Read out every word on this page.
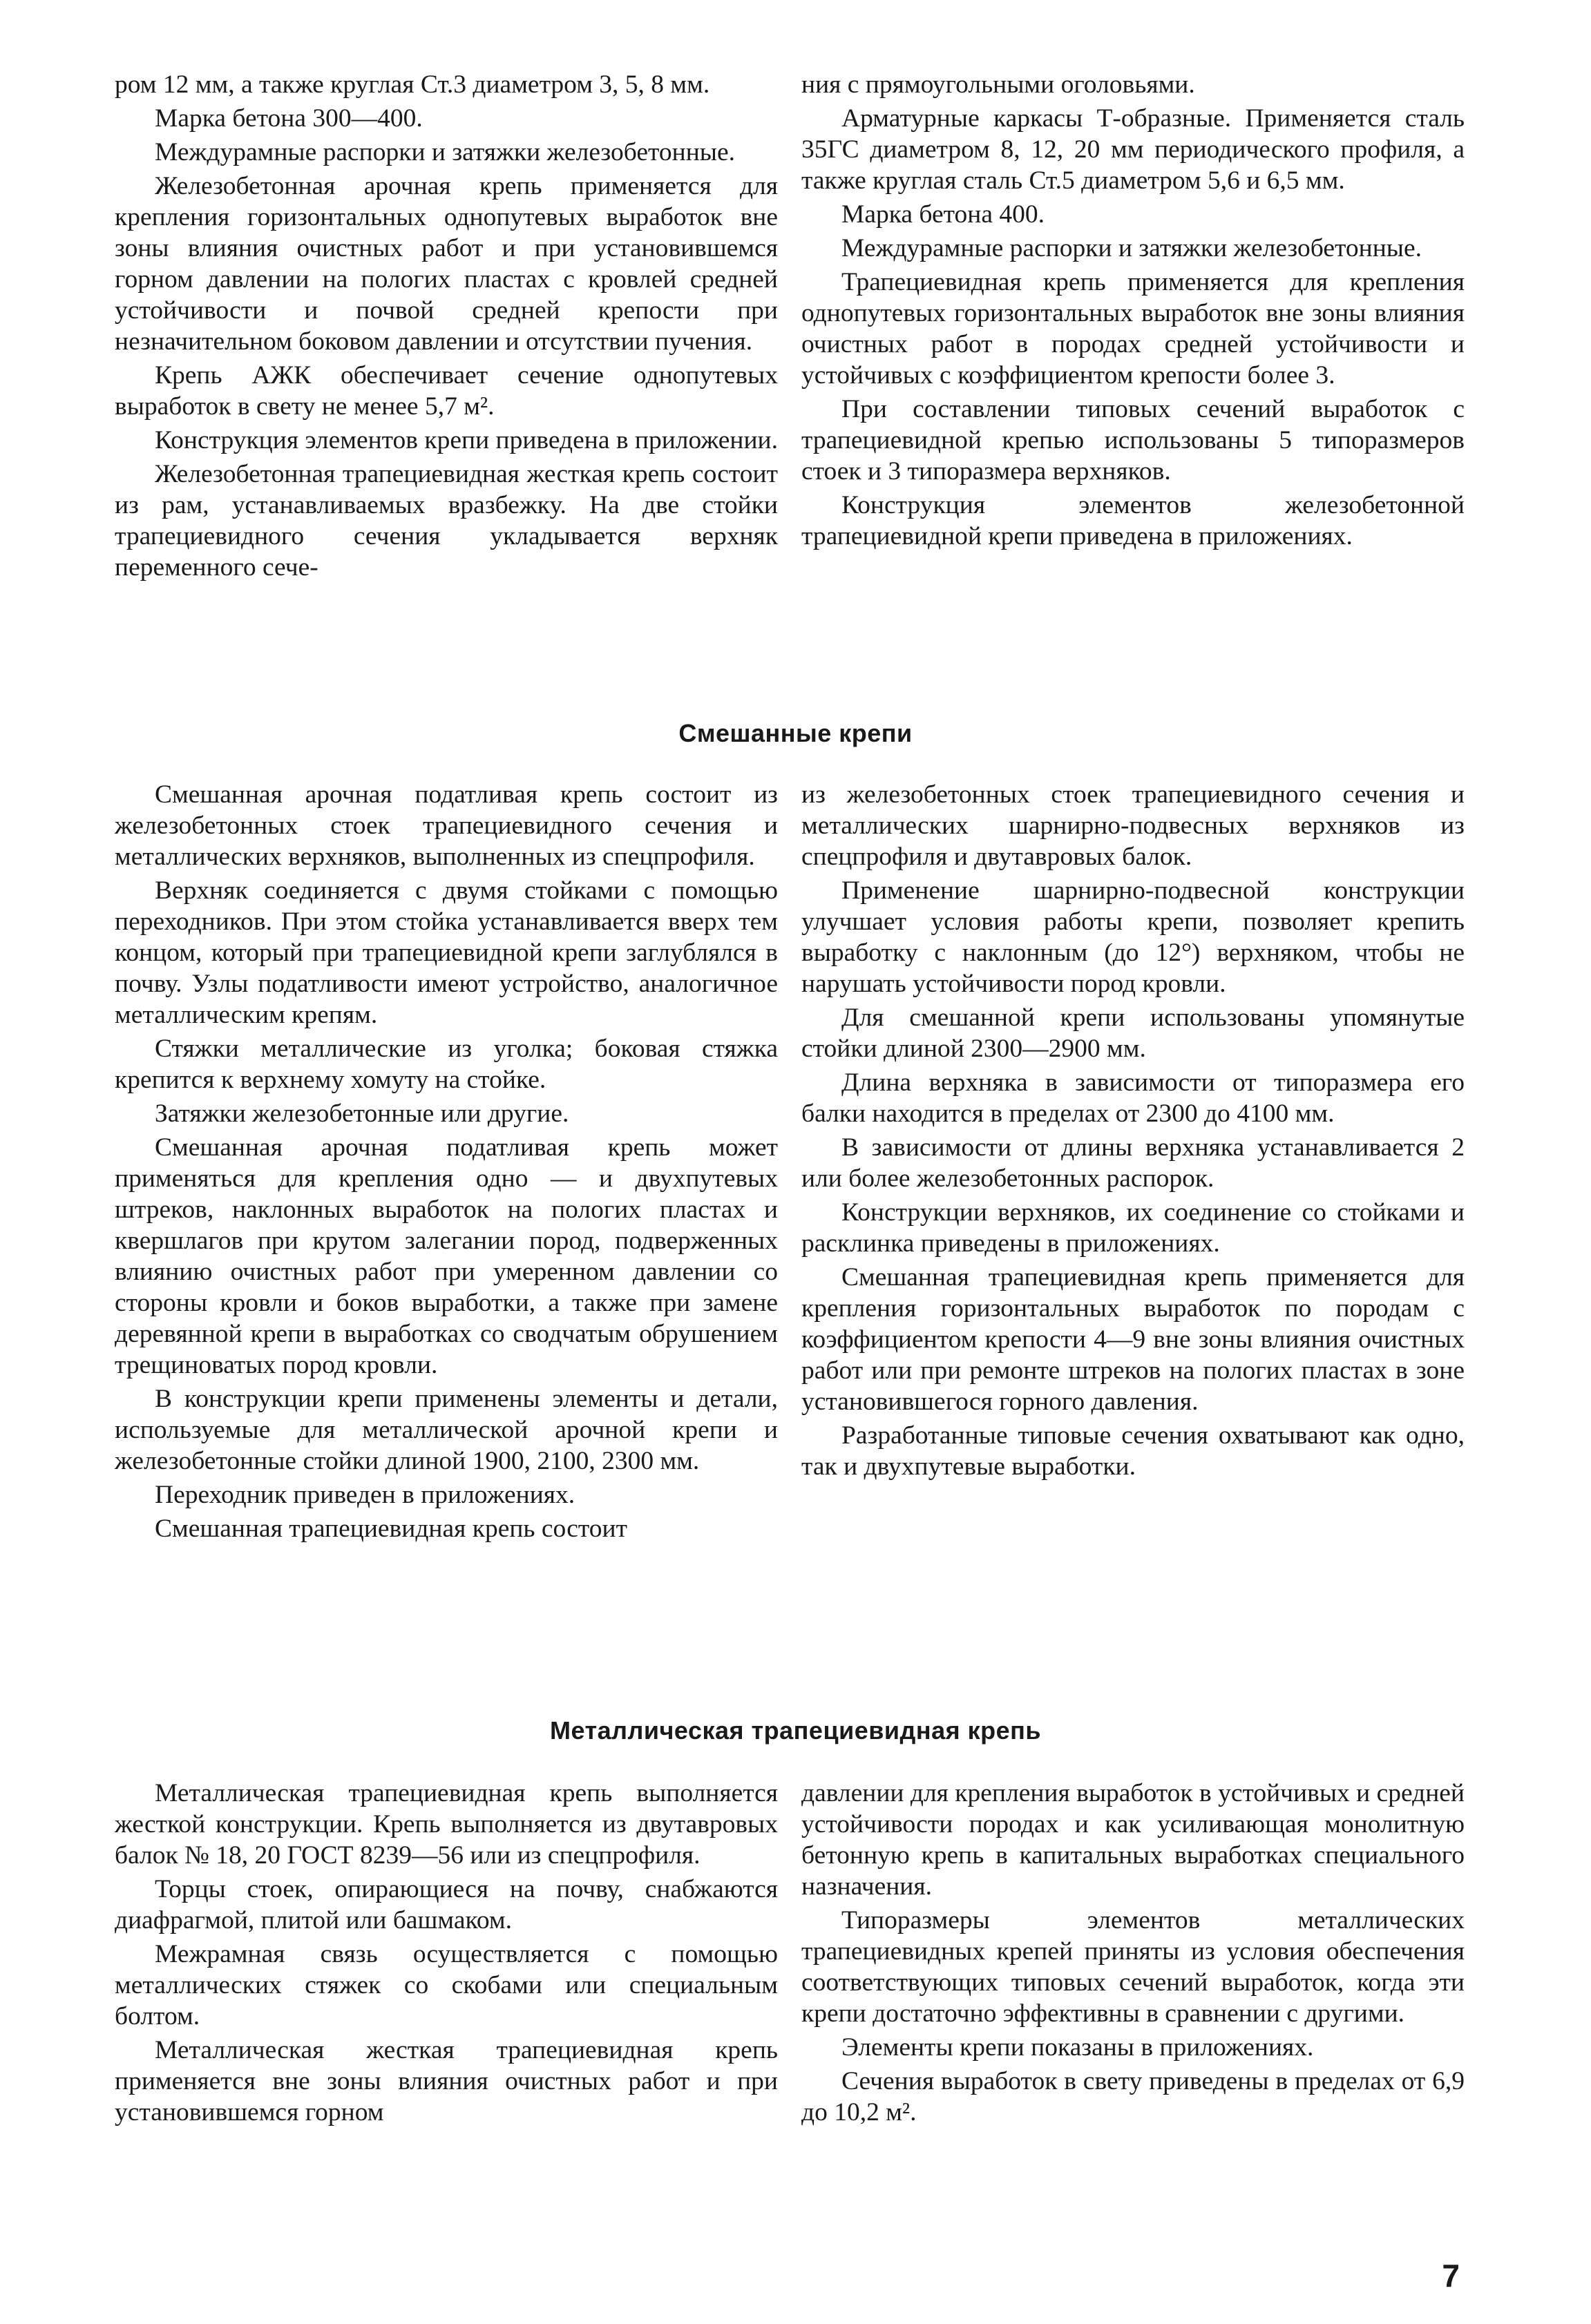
ром 12 мм, а также круглая Ст.3 диаметром 3, 5, 8 мм.

Марка бетона 300—400.

Междурамные распорки и затяжки железобетонные.

Железобетонная арочная крепь применяется для крепления горизонтальных однопутевых выработок вне зоны влияния очистных работ и при установившемся горном давлении на пологих пластах с кровлей средней устойчивости и почвой средней крепости при незначительном боковом давлении и отсутствии пучения.

Крепь АЖК обеспечивает сечение однопутевых выработок в свету не менее 5,7 м².

Конструкция элементов крепи приведена в приложении.

Железобетонная трапециевидная жесткая крепь состоит из рам, устанавливаемых вразбежку. На две стойки трапециевидного сечения укладывается верхняк переменного сече-

ния с прямоугольными оголовьями.

Арматурные каркасы Т-образные. Применяется сталь 35ГС диаметром 8, 12, 20 мм периодического профиля, а также круглая сталь Ст.5 диаметром 5,6 и 6,5 мм.

Марка бетона 400.

Междурамные распорки и затяжки железобетонные.

Трапециевидная крепь применяется для крепления однопутевых горизонтальных выработок вне зоны влияния очистных работ в породах средней устойчивости и устойчивых с коэффициентом крепости более 3.

При составлении типовых сечений выработок с трапециевидной крепью использованы 5 типоразмеров стоек и 3 типоразмера верхняков.

Конструкция элементов железобетонной трапециевидной крепи приведена в приложениях.

Смешанные крепи

Смешанная арочная податливая крепь состоит из железобетонных стоек трапециевидного сечения и металлических верхняков, выполненных из спецпрофиля.

Верхняк соединяется с двумя стойками с помощью переходников. При этом стойка устанавливается вверх тем концом, который при трапециевидной крепи заглублялся в почву. Узлы податливости имеют устройство, аналогичное металлическим крепям.

Стяжки металлические из уголка; боковая стяжка крепится к верхнему хомуту на стойке.

Затяжки железобетонные или другие.

Смешанная арочная податливая крепь может применяться для крепления одно — и двухпутевых штреков, наклонных выработок на пологих пластах и квершлагов при крутом залегании пород, подверженных влиянию очистных работ при умеренном давлении со стороны кровли и боков выработки, а также при замене деревянной крепи в выработках со сводчатым обрушением трещиноватых пород кровли.

В конструкции крепи применены элементы и детали, используемые для металлической арочной крепи и железобетонные стойки длиной 1900, 2100, 2300 мм.

Переходник приведен в приложениях.

Смешанная трапециевидная крепь состоит

из железобетонных стоек трапециевидного сечения и металлических шарнирно-подвесных верхняков из спецпрофиля и двутавровых балок.

Применение шарнирно-подвесной конструкции улучшает условия работы крепи, позволяет крепить выработку с наклонным (до 12°) верхняком, чтобы не нарушать устойчивости пород кровли.

Для смешанной крепи использованы упомянутые стойки длиной 2300—2900 мм.

Длина верхняка в зависимости от типоразмера его балки находится в пределах от 2300 до 4100 мм.

В зависимости от длины верхняка устанавливается 2 или более железобетонных распорок.

Конструкции верхняков, их соединение со стойками и расклинка приведены в приложениях.

Смешанная трапециевидная крепь применяется для крепления горизонтальных выработок по породам с коэффициентом крепости 4—9 вне зоны влияния очистных работ или при ремонте штреков на пологих пластах в зоне установившегося горного давления.

Разработанные типовые сечения охватывают как одно, так и двухпутевые выработки.

Металлическая трапециевидная крепь

Металлическая трапециевидная крепь выполняется жесткой конструкции. Крепь выполняется из двутавровых балок № 18, 20 ГОСТ 8239—56 или из спецпрофиля.

Торцы стоек, опирающиеся на почву, снабжаются диафрагмой, плитой или башмаком.

Межрамная связь осуществляется с помощью металлических стяжек со скобами или специальным болтом.

Металлическая жесткая трапециевидная крепь применяется вне зоны влияния очистных работ и при установившемся горном

давлении для крепления выработок в устойчивых и средней устойчивости породах и как усиливающая монолитную бетонную крепь в капитальных выработках специального назначения.

Типоразмеры элементов металлических трапециевидных крепей приняты из условия обеспечения соответствующих типовых сечений выработок, когда эти крепи достаточно эффективны в сравнении с другими.

Элементы крепи показаны в приложениях.

Сечения выработок в свету приведены в пределах от 6,9 до 10,2 м².

7
